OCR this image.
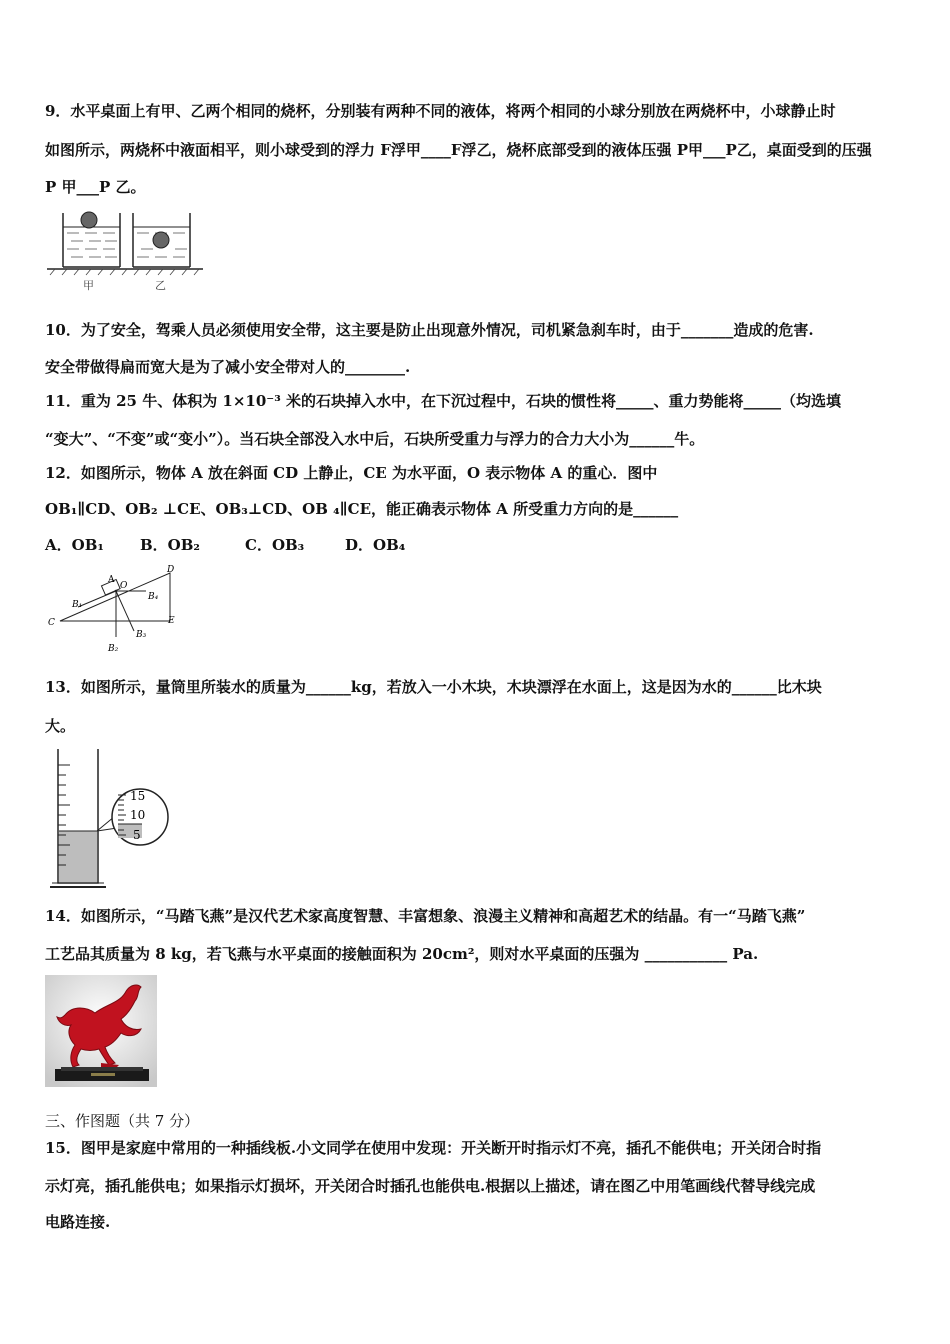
9．水平桌面上有甲、乙两个相同的烧杯，分别装有两种不同的液体，将两个相同的小球分别放在两烧杯中，小球静止时
如图所示，两烧杯中液面相平，则小球受到的浮力 F浮甲____F浮乙，烧杯底部受到的液体压强 P甲___P乙，桌面受到的压强
P 甲___P 乙。
甲	乙
10．为了安全，驾乘人员必须使用安全带，这主要是防止出现意外情况，司机紧急刹车时，由于_______造成的危害.
安全带做得扁而宽大是为了减小安全带对人的________.
11．重为 25 牛、体积为 1×10⁻³ 米的石块掉入水中，在下沉过程中，石块的惯性将_____、重力势能将_____（均选填
“变大”、“不变”或“变小”）。当石块全部没入水中后，石块所受重力与浮力的合力大小为______牛。
12．如图所示，物体 A 放在斜面 CD 上静止，CE 为水平面，O 表示物体 A 的重心．图中
OB₁∥CD、OB₂ ⊥CE、OB₃⊥CD、OB ₄∥CE，能正确表示物体 A 所受重力方向的是______
A．OB₁ B．OB₂	C．OB₃	D．OB₄
A
O
D
C	E
B₁
B₂
B₃
B₄
13．如图所示，量筒里所装水的质量为______kg，若放入一小木块，木块漂浮在水面上，这是因为水的______比木块
大。
15
10
5
14．如图所示，“马踏飞燕”是汉代艺术家高度智慧、丰富想象、浪漫主义精神和高超艺术的结晶。有一“马踏飞燕”
工艺品其质量为 8 kg，若飞燕与水平桌面的接触面积为 20cm²，则对水平桌面的压强为 ___________ Pa.
三、作图题（共 7 分）
15．图甲是家庭中常用的一种插线板.小文同学在使用中发现：开关断开时指示灯不亮，插孔不能供电；开关闭合时指
示灯亮，插孔能供电；如果指示灯损坏，开关闭合时插孔也能供电.根据以上描述，请在图乙中用笔画线代替导线完成
电路连接.
